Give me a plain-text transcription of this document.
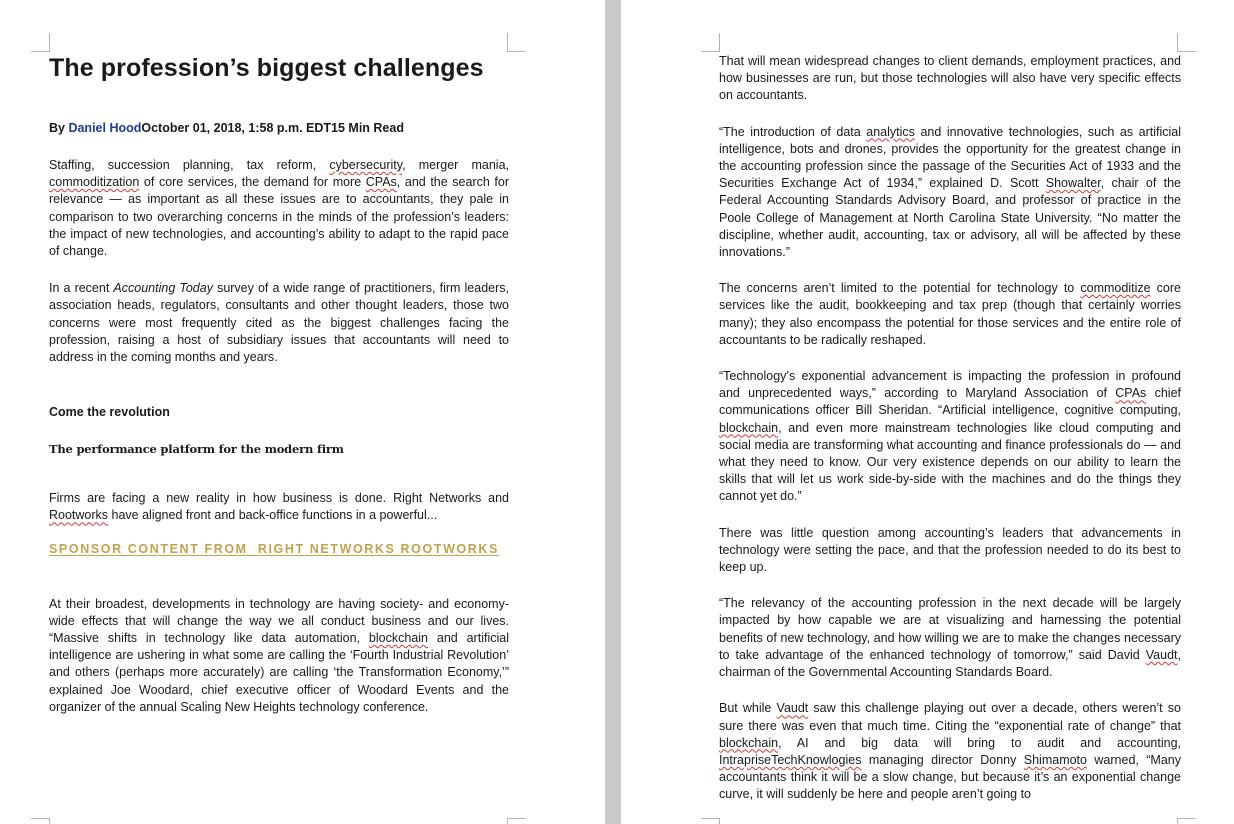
The profession’s biggest challenges
By Daniel HoodOctober 01, 2018, 1:58 p.m. EDT15 Min Read

Staffing, succession planning, tax reform, cybersecurity, merger mania, commoditization of core services, the demand for more CPAs, and the search for relevance — as important as all these issues are to accountants, they pale in comparison to two overarching concerns in the minds of the profession’s leaders: the impact of new technologies, and accounting’s ability to adapt to the rapid pace of change.

In a recent Accounting Today survey of a wide range of practitioners, firm leaders, association heads, regulators, consultants and other thought leaders, those two concerns were most frequently cited as the biggest challenges facing the profession, raising a host of subsidiary issues that accountants will need to address in the coming months and years.

Come the revolution
The performance platform for the modern firm

Firms are facing a new reality in how business is done. Right Networks and Rootworks have aligned front and back-office functions in a powerful...

SPONSOR CONTENT FROM  RIGHT NETWORKS ROOTWORKS

At their broadest, developments in technology are having society- and economy-wide effects that will change the way we all conduct business and our lives. “Massive shifts in technology like data automation, blockchain and artificial intelligence are ushering in what some are calling the ‘Fourth Industrial Revolution’ and others (perhaps more accurately) are calling ‘the Transformation Economy,’” explained Joe Woodard, chief executive officer of Woodard Events and the organizer of the annual Scaling New Heights technology conference.

That will mean widespread changes to client demands, employment practices, and how businesses are run, but those technologies will also have very specific effects on accountants.

“The introduction of data analytics and innovative technologies, such as artificial intelligence, bots and drones, provides the opportunity for the greatest change in the accounting profession since the passage of the Securities Act of 1933 and the Securities Exchange Act of 1934,” explained D. Scott Showalter, chair of the Federal Accounting Standards Advisory Board, and professor of practice in the Poole College of Management at North Carolina State University. “No matter the discipline, whether audit, accounting, tax or advisory, all will be affected by these innovations.”

The concerns aren’t limited to the potential for technology to commoditize core services like the audit, bookkeeping and tax prep (though that certainly worries many); they also encompass the potential for those services and the entire role of accountants to be radically reshaped.

“Technology’s exponential advancement is impacting the profession in profound and unprecedented ways,” according to Maryland Association of CPAs chief communications officer Bill Sheridan. “Artificial intelligence, cognitive computing, blockchain, and even more mainstream technologies like cloud computing and social media are transforming what accounting and finance professionals do — and what they need to know. Our very existence depends on our ability to learn the skills that will let us work side-by-side with the machines and do the things they cannot yet do.”

There was little question among accounting’s leaders that advancements in technology were setting the pace, and that the profession needed to do its best to keep up.

“The relevancy of the accounting profession in the next decade will be largely impacted by how capable we are at visualizing and harnessing the potential benefits of new technology, and how willing we are to make the changes necessary to take advantage of the enhanced technology of tomorrow,” said David Vaudt, chairman of the Governmental Accounting Standards Board.

But while Vaudt saw this challenge playing out over a decade, others weren’t so sure there was even that much time. Citing the “exponential rate of change” that blockchain, AI and big data will bring to audit and accounting, IntrapriseTechKnowlogies managing director Donny Shimamoto warned, “Many accountants think it will be a slow change, but because it’s an exponential change curve, it will suddenly be here and people aren’t going to
